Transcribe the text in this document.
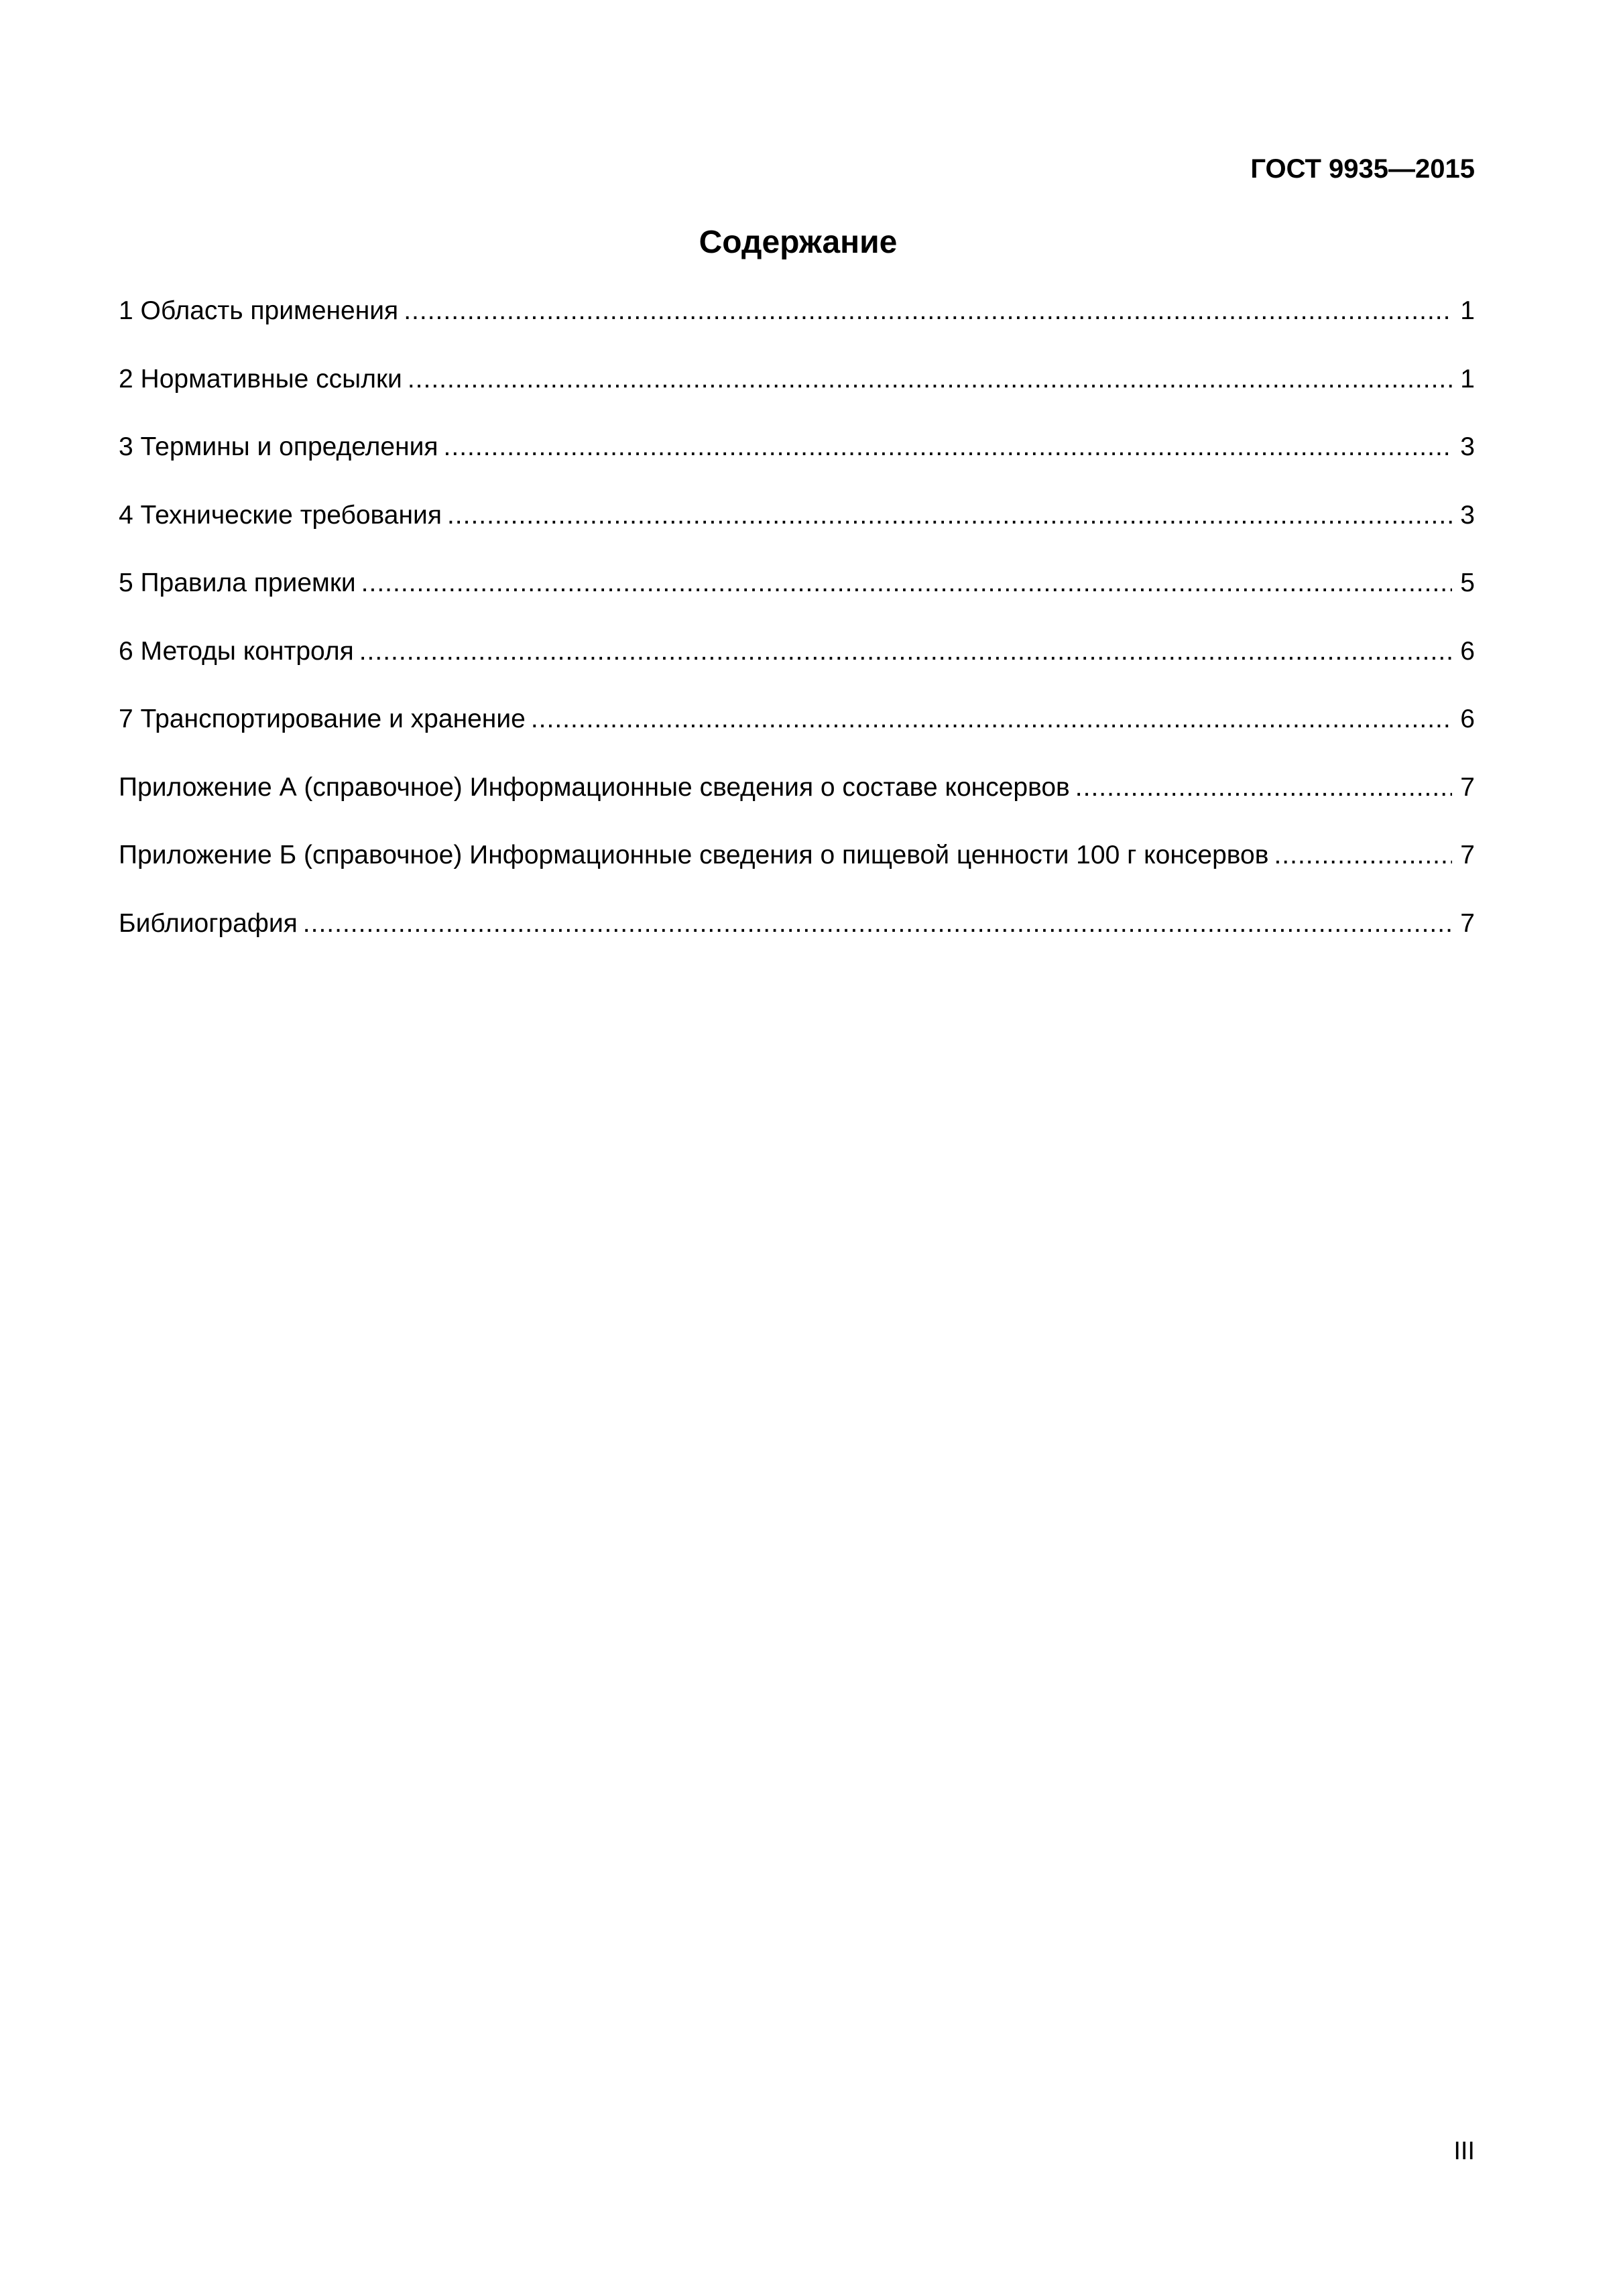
ГОСТ 9935—2015
Содержание
1 Область применения .....	1
2 Нормативные ссылки .....	1
3 Термины и определения .....	3
4 Технические требования .....	3
5 Правила приемки .....	5
6 Методы контроля .....	6
7 Транспортирование и хранение .....	6
Приложение А (справочное) Информационные сведения о составе консервов .....	7
Приложение Б (справочное) Информационные сведения о пищевой ценности 100 г консервов .....	7
Библиография .....	7
III
